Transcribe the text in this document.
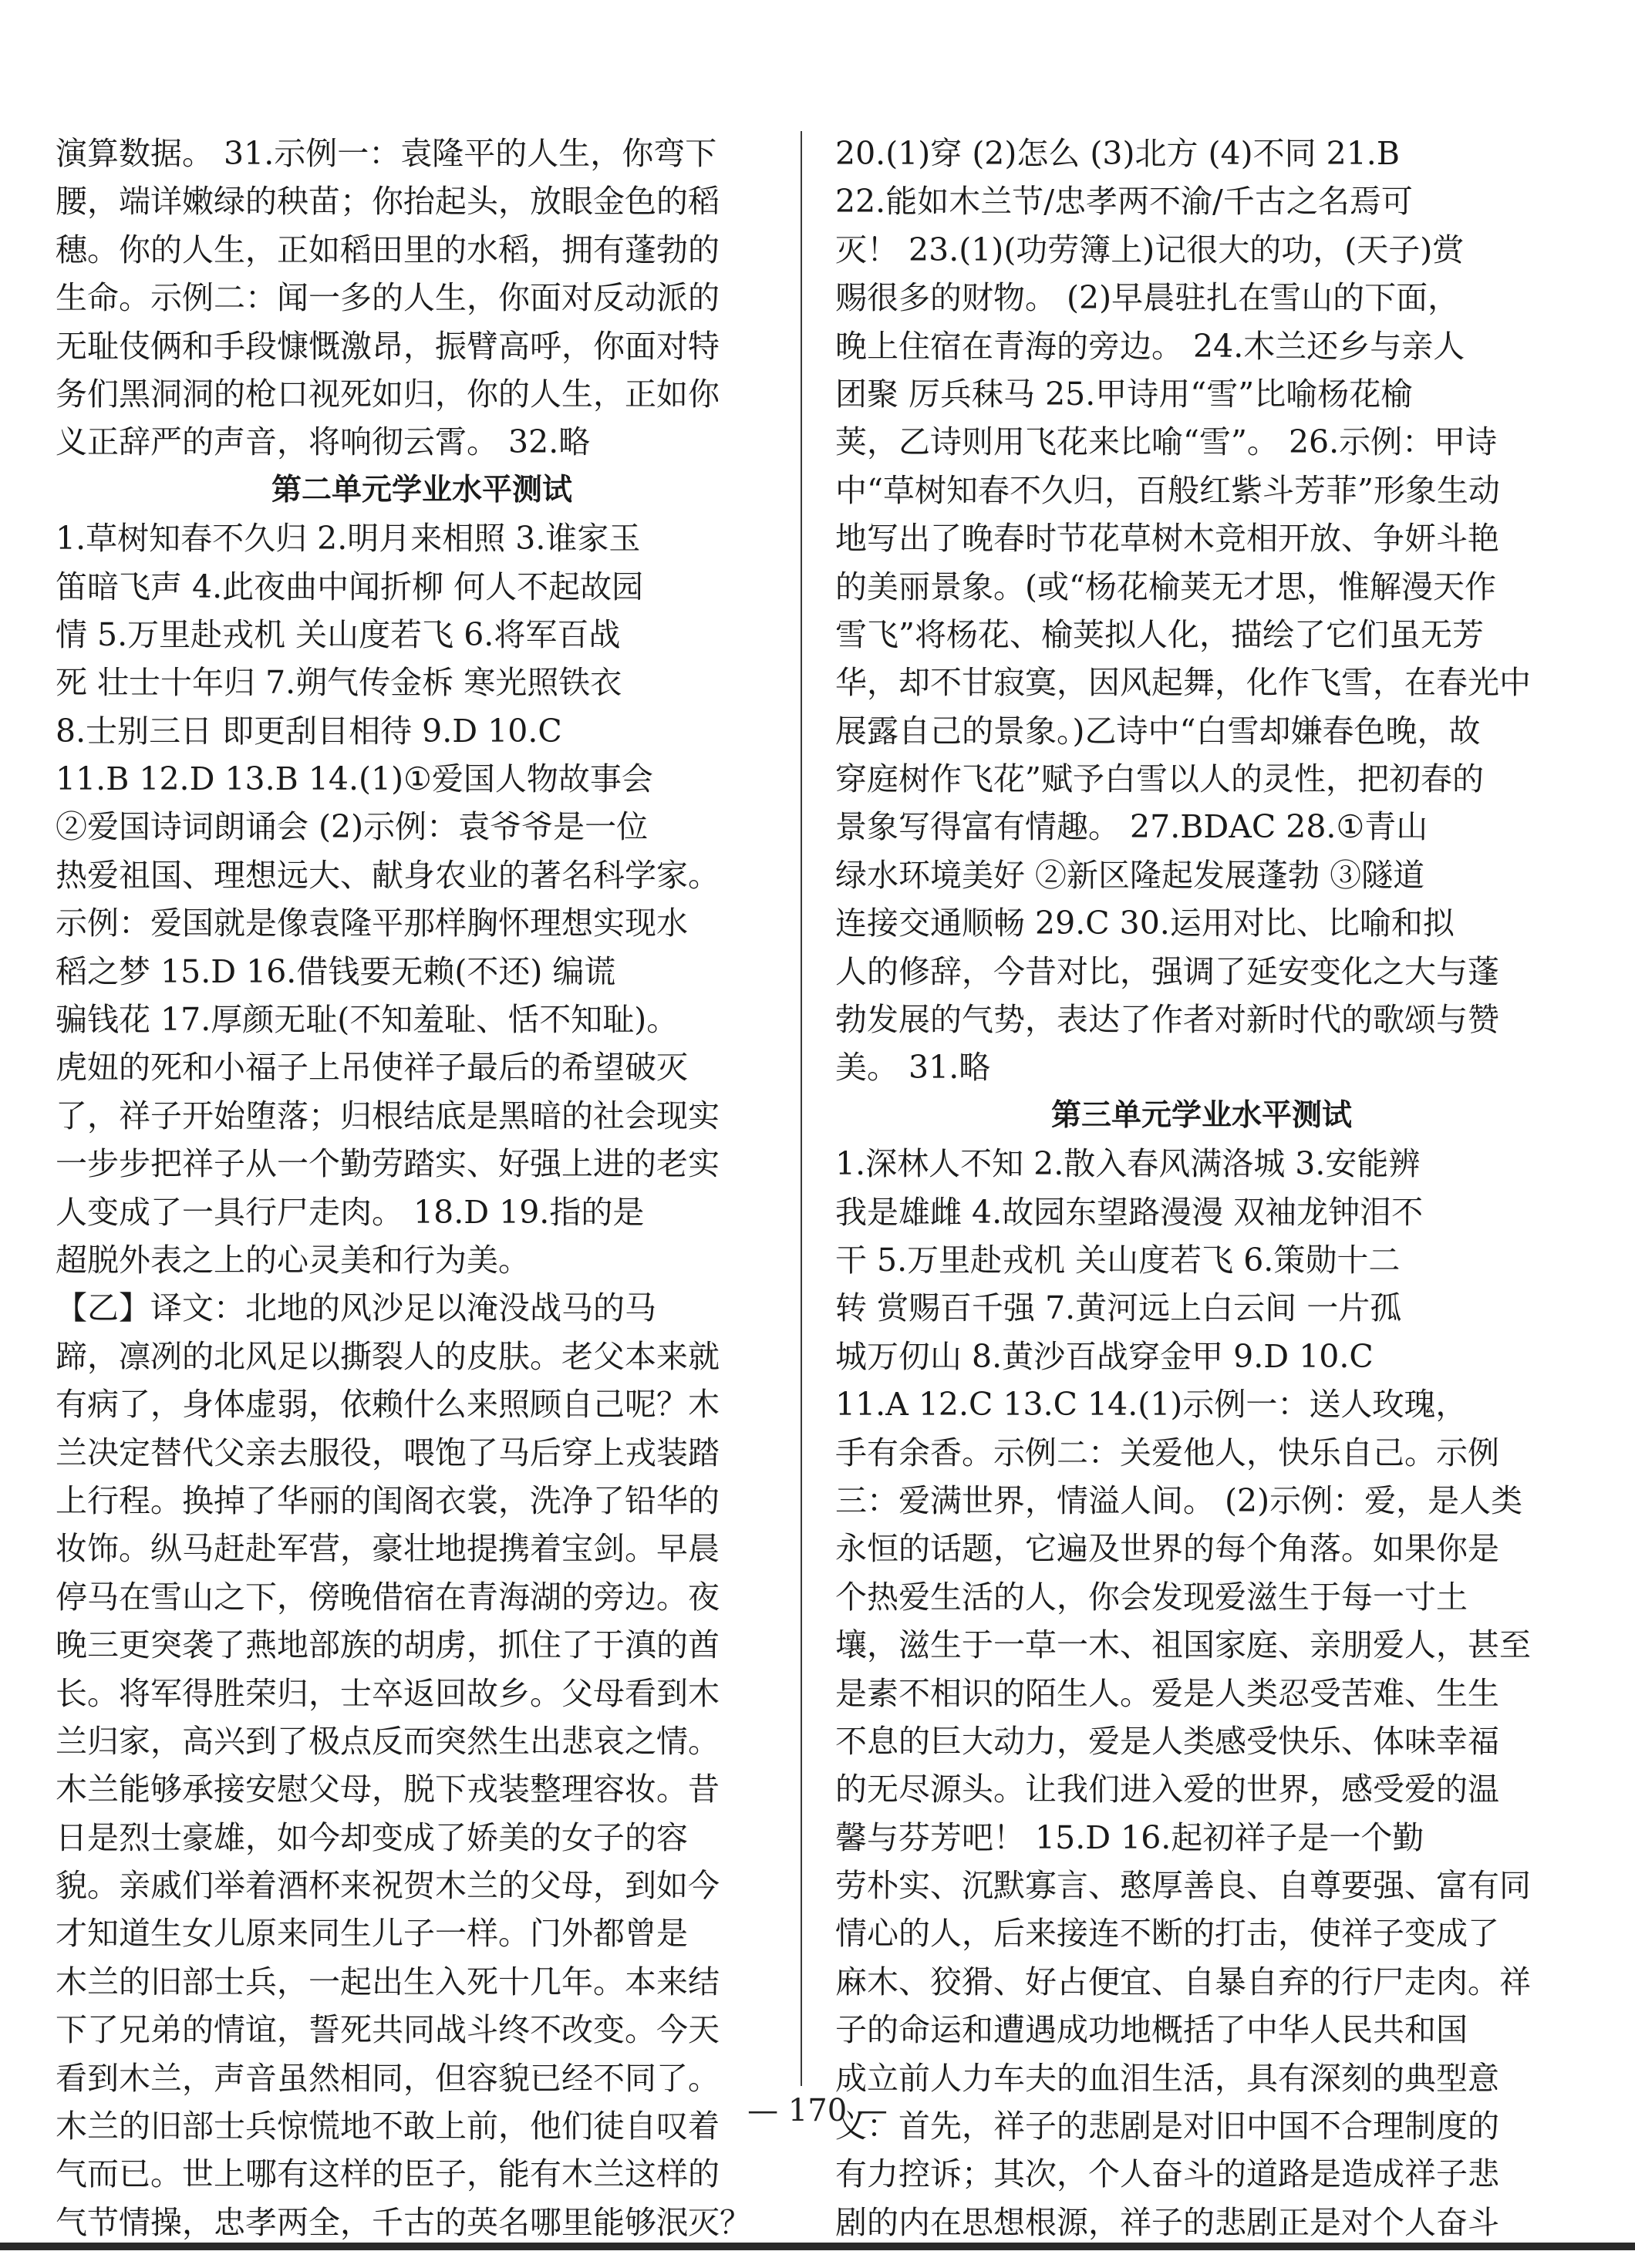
演算数据。 31.示例一：袁隆平的人生，你弯下
腰，端详嫩绿的秧苗；你抬起头，放眼金色的稻
穗。你的人生，正如稻田里的水稻，拥有蓬勃的
生命。示例二：闻一多的人生，你面对反动派的
无耻伎俩和手段慷慨激昂，振臂高呼，你面对特
务们黑洞洞的枪口视死如归，你的人生，正如你
义正辞严的声音，将响彻云霄。 32.略
第二单元学业水平测试
1.草树知春不久归 2.明月来相照 3.谁家玉
笛暗飞声 4.此夜曲中闻折柳 何人不起故园
情 5.万里赴戎机 关山度若飞 6.将军百战
死 壮士十年归 7.朔气传金柝 寒光照铁衣
8.士别三日 即更刮目相待 9.D 10.C
11.B 12.D 13.B 14.(1)①爱国人物故事会
②爱国诗词朗诵会 (2)示例：袁爷爷是一位
热爱祖国、理想远大、献身农业的著名科学家。
示例：爱国就是像袁隆平那样胸怀理想实现水
稻之梦 15.D 16.借钱要无赖(不还) 编谎
骗钱花 17.厚颜无耻(不知羞耻、恬不知耻)。
虎妞的死和小福子上吊使祥子最后的希望破灭
了，祥子开始堕落；归根结底是黑暗的社会现实
一步步把祥子从一个勤劳踏实、好强上进的老实
人变成了一具行尸走肉。 18.D 19.指的是
超脱外表之上的心灵美和行为美。
【乙】译文：北地的风沙足以淹没战马的马
蹄，凛冽的北风足以撕裂人的皮肤。老父本来就
有病了，身体虚弱，依赖什么来照顾自己呢？木
兰决定替代父亲去服役，喂饱了马后穿上戎装踏
上行程。换掉了华丽的闺阁衣裳，洗净了铅华的
妆饰。纵马赶赴军营，豪壮地提携着宝剑。早晨
停马在雪山之下，傍晚借宿在青海湖的旁边。夜
晚三更突袭了燕地部族的胡虏，抓住了于滇的酋
长。将军得胜荣归，士卒返回故乡。父母看到木
兰归家，高兴到了极点反而突然生出悲哀之情。
木兰能够承接安慰父母，脱下戎装整理容妆。昔
日是烈士豪雄，如今却变成了娇美的女子的容
貌。亲戚们举着酒杯来祝贺木兰的父母，到如今
才知道生女儿原来同生儿子一样。门外都曾是
木兰的旧部士兵，一起出生入死十几年。本来结
下了兄弟的情谊，誓死共同战斗终不改变。今天
看到木兰，声音虽然相同，但容貌已经不同了。
木兰的旧部士兵惊慌地不敢上前，他们徒自叹着
气而已。世上哪有这样的臣子，能有木兰这样的
气节情操，忠孝两全，千古的英名哪里能够泯灭？
20.(1)穿 (2)怎么 (3)北方 (4)不同 21.B
22.能如木兰节/忠孝两不渝/千古之名焉可
灭！ 23.(1)(功劳簿上)记很大的功，(天子)赏
赐很多的财物。 (2)早晨驻扎在雪山的下面，
晚上住宿在青海的旁边。 24.木兰还乡与亲人
团聚 厉兵秣马 25.甲诗用“雪”比喻杨花榆
荚，乙诗则用飞花来比喻“雪”。 26.示例：甲诗
中“草树知春不久归，百般红紫斗芳菲”形象生动
地写出了晚春时节花草树木竞相开放、争妍斗艳
的美丽景象。(或“杨花榆荚无才思，惟解漫天作
雪飞”将杨花、榆荚拟人化，描绘了它们虽无芳
华，却不甘寂寞，因风起舞，化作飞雪，在春光中
展露自己的景象。)乙诗中“白雪却嫌春色晚，故
穿庭树作飞花”赋予白雪以人的灵性，把初春的
景象写得富有情趣。 27.BDAC 28.①青山
绿水环境美好 ②新区隆起发展蓬勃 ③隧道
连接交通顺畅 29.C 30.运用对比、比喻和拟
人的修辞，今昔对比，强调了延安变化之大与蓬
勃发展的气势，表达了作者对新时代的歌颂与赞
美。 31.略
第三单元学业水平测试
1.深林人不知 2.散入春风满洛城 3.安能辨
我是雄雌 4.故园东望路漫漫 双袖龙钟泪不
干 5.万里赴戎机 关山度若飞 6.策勋十二
转 赏赐百千强 7.黄河远上白云间 一片孤
城万仞山 8.黄沙百战穿金甲 9.D 10.C
11.A 12.C 13.C 14.(1)示例一：送人玫瑰，
手有余香。示例二：关爱他人，快乐自己。示例
三：爱满世界，情溢人间。 (2)示例：爱，是人类
永恒的话题，它遍及世界的每个角落。如果你是
个热爱生活的人，你会发现爱滋生于每一寸土
壤，滋生于一草一木、祖国家庭、亲朋爱人，甚至
是素不相识的陌生人。爱是人类忍受苦难、生生
不息的巨大动力，爱是人类感受快乐、体味幸福
的无尽源头。让我们进入爱的世界，感受爱的温
馨与芬芳吧！ 15.D 16.起初祥子是一个勤
劳朴实、沉默寡言、憨厚善良、自尊要强、富有同
情心的人，后来接连不断的打击，使祥子变成了
麻木、狡猾、好占便宜、自暴自弃的行尸走肉。祥
子的命运和遭遇成功地概括了中华人民共和国
成立前人力车夫的血泪生活，具有深刻的典型意
义：首先，祥子的悲剧是对旧中国不合理制度的
有力控诉；其次，个人奋斗的道路是造成祥子悲
剧的内在思想根源，祥子的悲剧正是对个人奋斗
— 170 —
